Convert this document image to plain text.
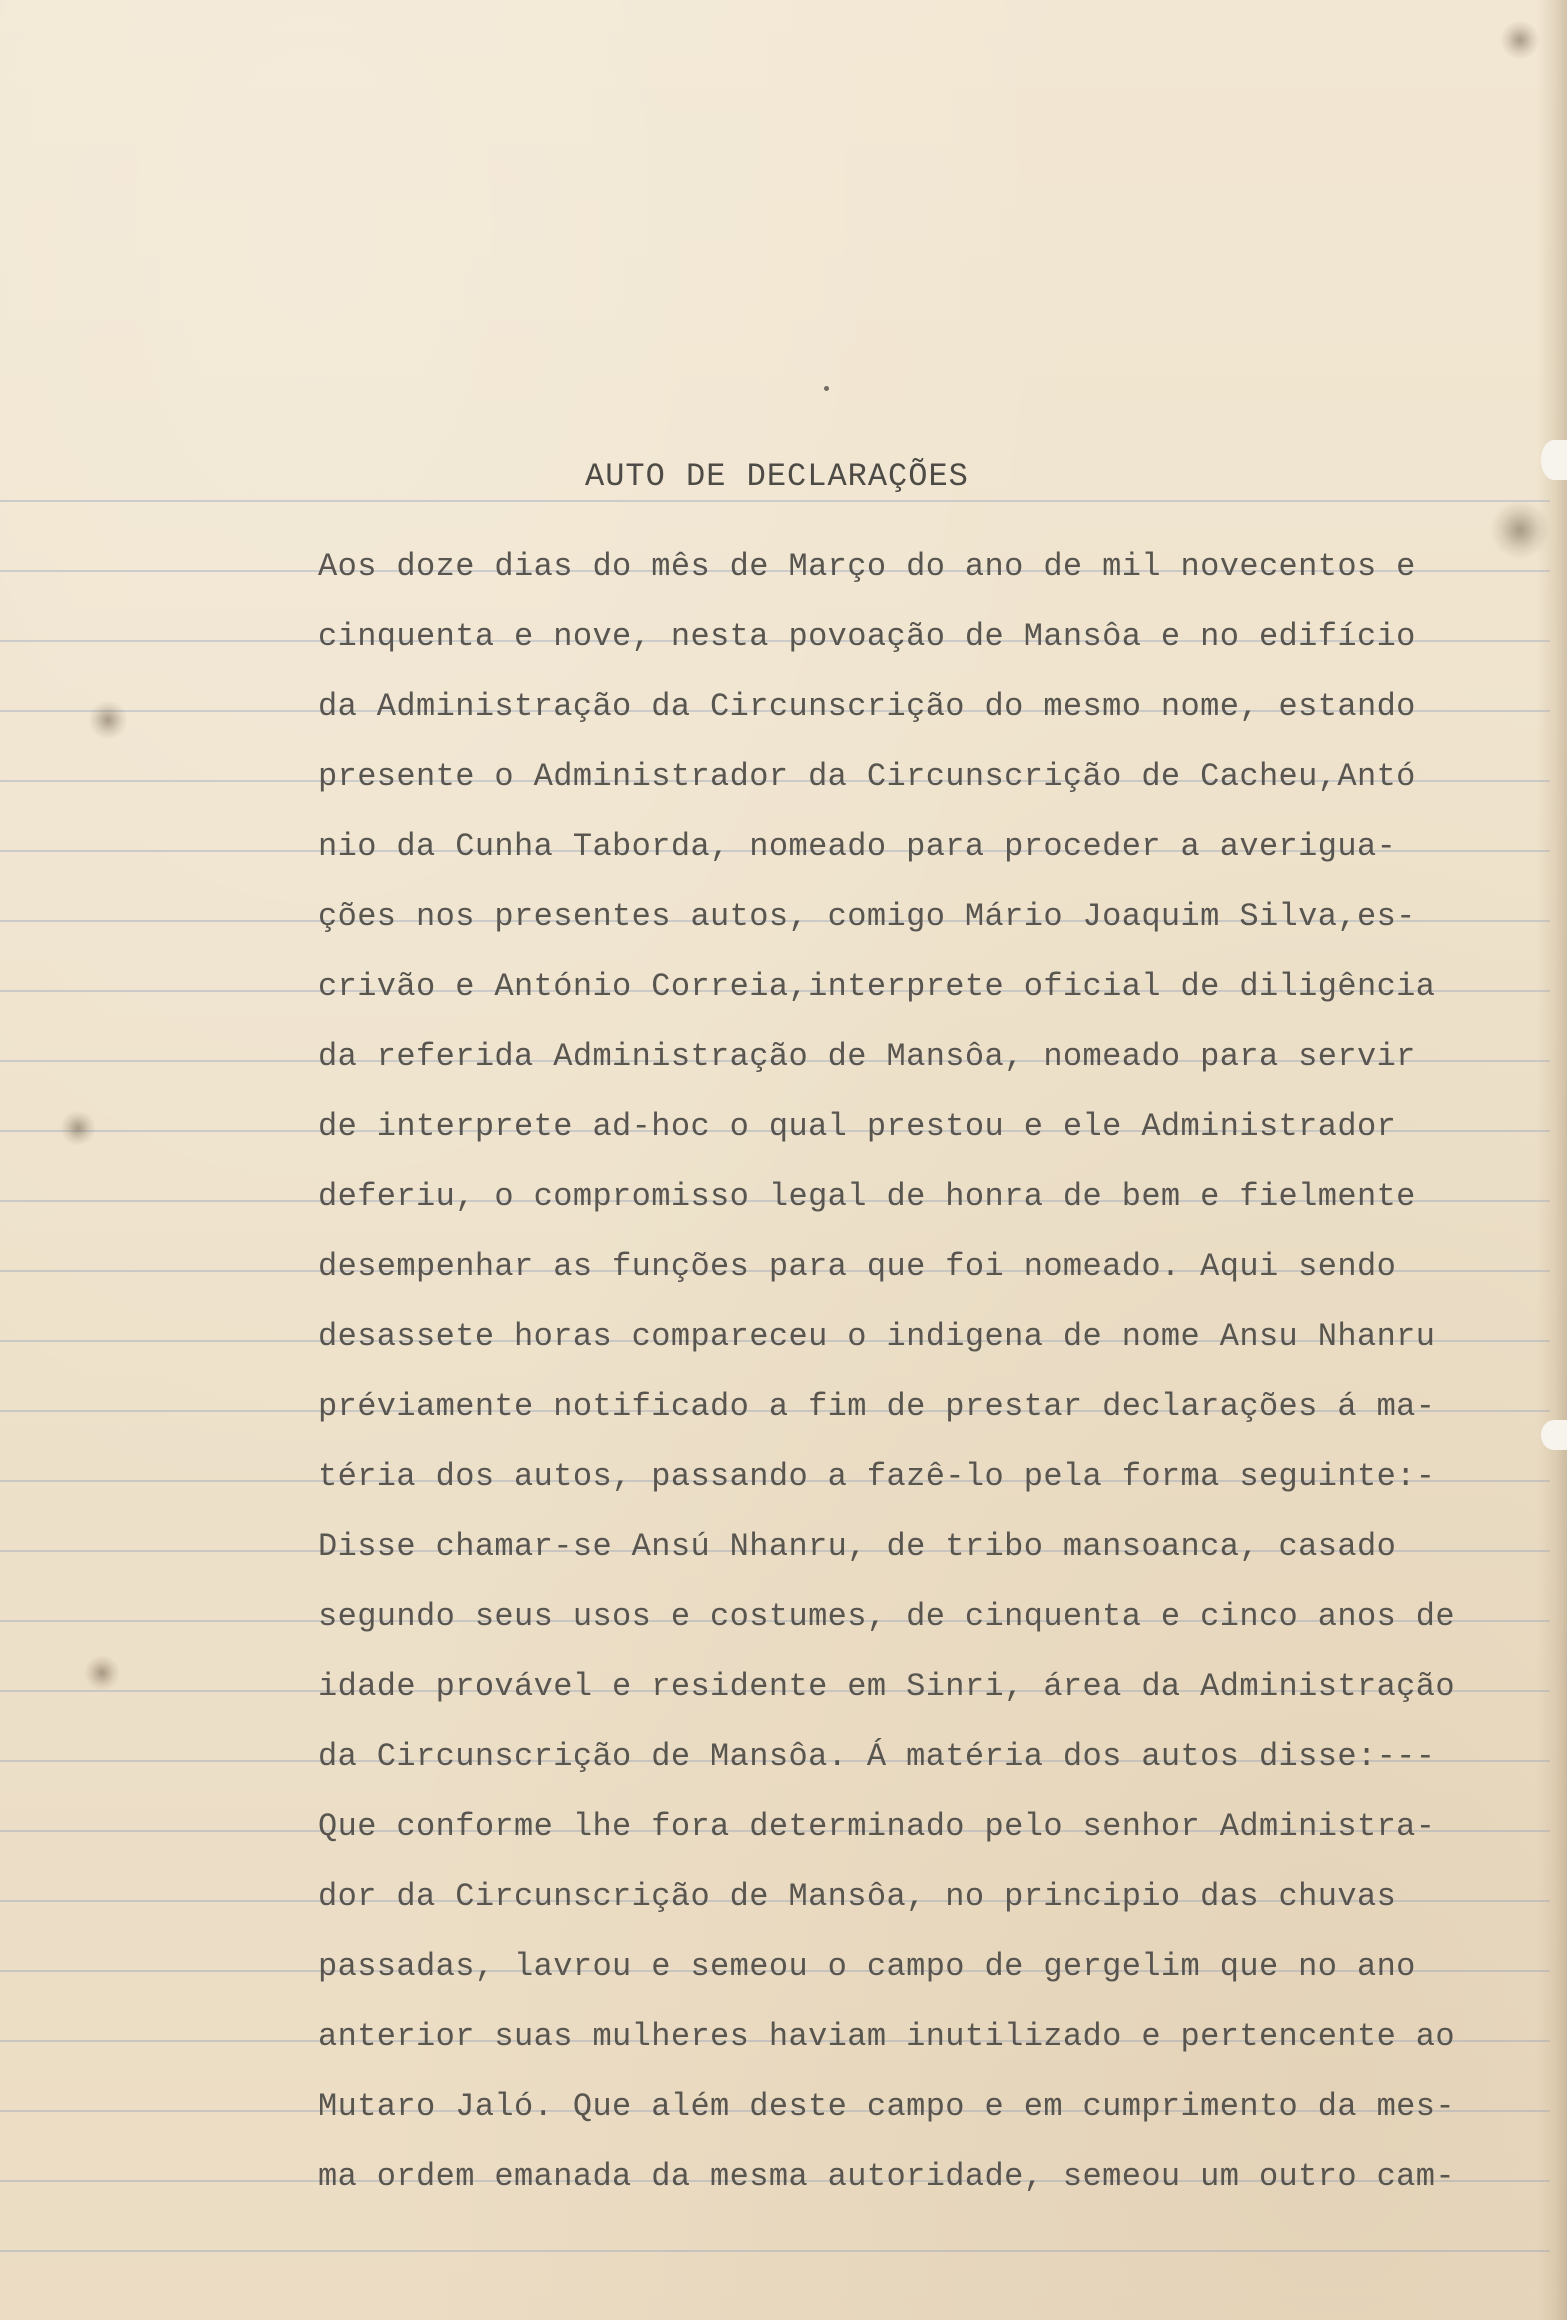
AUTO DE DECLARAÇÕES
Aos doze dias do mês de Março do ano de mil novecentos e
cinquenta e nove, nesta povoação de Mansôa e no edifício
da Administração da Circunscrição do mesmo nome, estando
presente o Administrador da Circunscrição de Cacheu,Antó
nio da Cunha Taborda, nomeado para proceder a averigua-
ções nos presentes autos, comigo Mário Joaquim Silva,es-
crivão e António Correia,interprete oficial de diligência
da referida Administração de Mansôa, nomeado para servir
de interprete ad-hoc o qual prestou e ele Administrador
deferiu, o compromisso legal de honra de bem e fielmente
desempenhar as funções para que foi nomeado. Aqui sendo
desassete horas compareceu o indigena de nome Ansu Nhanru
préviamente notificado a fim de prestar declarações á ma-
téria dos autos, passando a fazê-lo pela forma seguinte:-
Disse chamar-se Ansú Nhanru, de tribo mansoanca, casado
segundo seus usos e costumes, de cinquenta e cinco anos de
idade provável e residente em Sinri, área da Administração
da Circunscrição de Mansôa. Á matéria dos autos disse:---
Que conforme lhe fora determinado pelo senhor Administra-
dor da Circunscrição de Mansôa, no principio das chuvas
passadas, lavrou e semeou o campo de gergelim que no ano
anterior suas mulheres haviam inutilizado e pertencente ao
Mutaro Jaló. Que além deste campo e em cumprimento da mes-
ma ordem emanada da mesma autoridade, semeou um outro cam-
